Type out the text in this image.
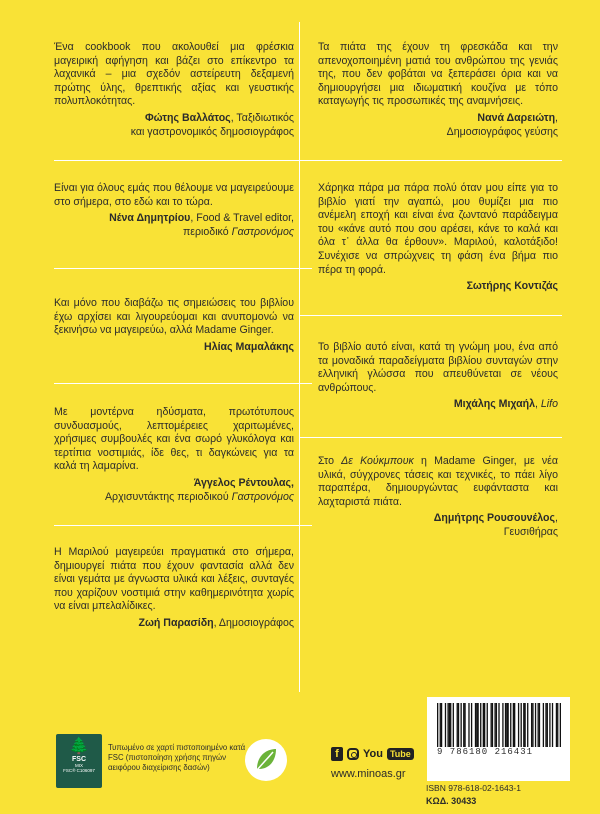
Ένα cookbook που ακολουθεί μια φρέσκια μαγειρική αφήγηση και βάζει στο επίκεντρο τα λαχανικά – μια σχεδόν αστείρευτη δεξαμενή πρώτης ύλης, θρεπτικής αξίας και γευστικής πολυπλοκότητας.
Φώτης Βαλλάτος, Ταξιδιωτικός
και γαστρονομικός δημοσιογράφος
Είναι για όλους εμάς που θέλουμε να μαγειρεύουμε στο σήμερα, στο εδώ και το τώρα.
Νένα Δημητρίου, Food & Travel editor,
περιοδικό Γαστρονόμος
Και μόνο που διαβάζω τις σημειώσεις του βιβλίου έχω αρχίσει και λιγουρεύομαι και ανυπομονώ να ξεκινήσω να μαγειρεύω, αλλά Madame Ginger.
Ηλίας Μαμαλάκης
Με μοντέρνα ηδύσματα, πρωτότυπους συνδυασμούς, λεπτομέρειες χαριτωμένες, χρήσιμες συμβουλές και ένα σωρό γλυκόλογα και τερτίπια νοστιμιάς, ίδε θες, τι δαγκώνεις για τα καλά τη λαμαρίνα.
Άγγελος Ρέντουλας,
Αρχισυντάκτης περιοδικού Γαστρονόμος
Η Μαριλού μαγειρεύει πραγματικά στο σήμερα, δημιουργεί πιάτα που έχουν φαντασία αλλά δεν είναι γεμάτα με άγνωστα υλικά και λέξεις, συνταγές που χαρίζουν νοστιμιά στην καθημερινότητα χωρίς να είναι μπελαλίδικες.
Ζωή Παρασίδη, Δημοσιογράφος
Τα πιάτα της έχουν τη φρεσκάδα και την απενοχοποιημένη ματιά του ανθρώπου της γενιάς της, που δεν φοβάται να ξεπεράσει όρια και να δημιουργήσει μια ιδιωματική κουζίνα με τόπο καταγωγής τις προσωπικές της αναμνήσεις.
Νανά Δαρειώτη,
Δημοσιογράφος γεύσης
Χάρηκα πάρα μα πάρα πολύ όταν μου είπε για το βιβλίο γιατί την αγαπώ, μου θυμίζει μια πιο ανέμελη εποχή και είναι ένα ζωντανό παράδειγμα του «κάνε αυτό που σου αρέσει, κάνε το καλά και όλα τ᾽ άλλα θα έρθουν». Μαριλού, καλοτάξιδο! Συνέχισε να σπρώχνεις τη φάση ένα βήμα πιο πέρα τη φορά.
Σωτήρης Κοντιζάς
Το βιβλίο αυτό είναι, κατά τη γνώμη μου, ένα από τα μοναδικά παραδείγματα βιβλίου συνταγών στην ελληνική γλώσσα που απευθύνεται σε νέους ανθρώπους.
Μιχάλης Μιχαήλ, Lifo
Στο Δε Κούκμπουκ η Madame Ginger, με νέα υλικά, σύγχρονες τάσεις και τεχνικές, το πάει λίγο παραπέρα, δημιουργώντας ευφάνταστα και λαχταριστά πιάτα.
Δημήτρης Ρουσουνέλος,
Γευσιθήρας
🌲
FSC
MIX
FSC® C106097
Τυπωμένο σε χαρτί πιστοποιημένο κατά FSC (πιστοποίηση χρήσης πηγών αειφόρου διαχείρισης δασών)
f	You Tube
www.minoas.gr
9 786180 216431
ISBN 978-618-02-1643-1
ΚΩΔ. 30433
